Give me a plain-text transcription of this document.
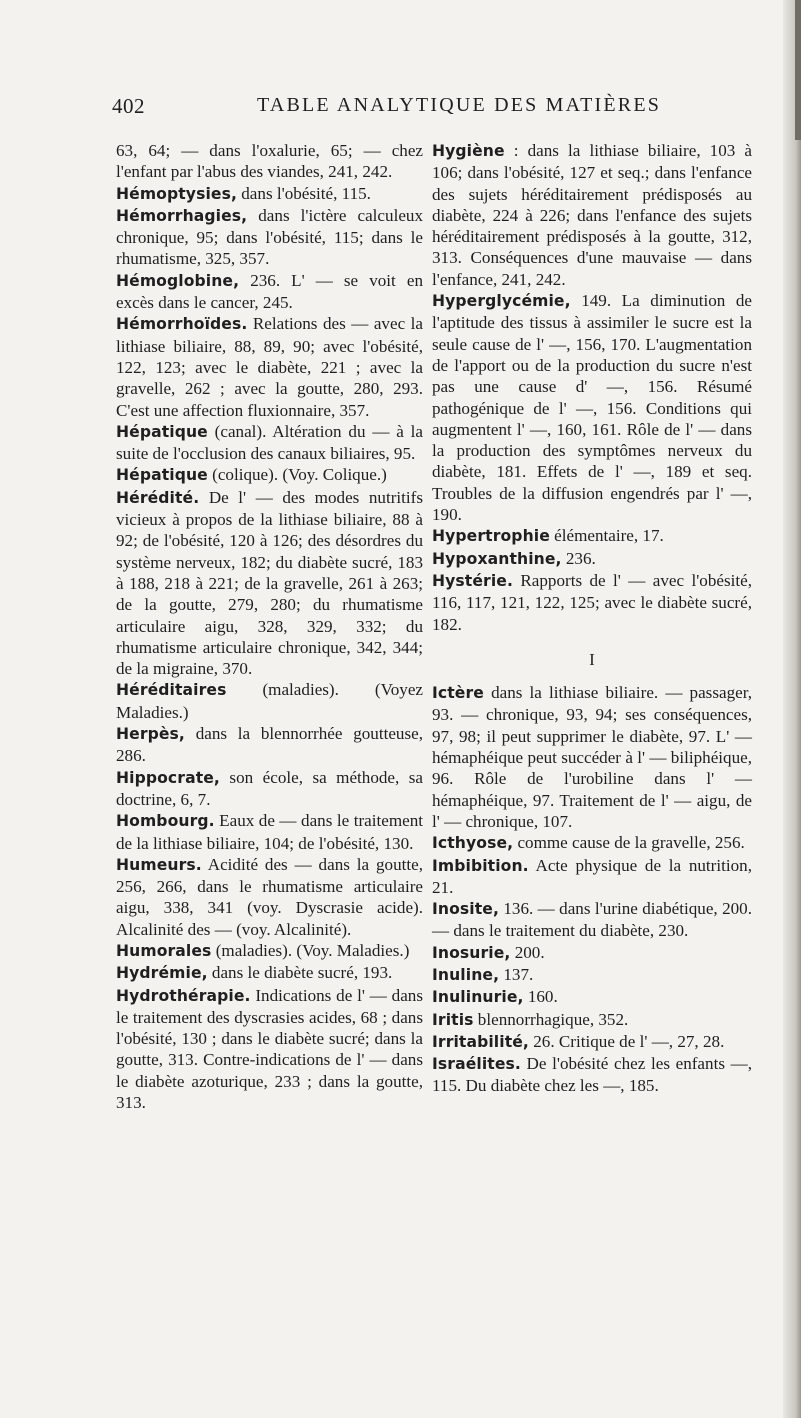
402	TABLE ANALYTIQUE DES MATIÈRES

63, 64; — dans l'oxalurie, 65; — chez l'enfant par l'abus des viandes, 241, 242.

Hémoptysies, dans l'obésité, 115.

Hémorrhagies, dans l'ictère calculeux chronique, 95; dans l'obésité, 115; dans le rhumatisme, 325, 357.

Hémoglobine, 236. L' — se voit en excès dans le cancer, 245.

Hémorrhoïdes. Relations des — avec la lithiase biliaire, 88, 89, 90; avec l'obésité, 122, 123; avec le diabète, 221 ; avec la gravelle, 262 ; avec la goutte, 280, 293. C'est une affection fluxionnaire, 357.

Hépatique (canal). Altération du — à la suite de l'occlusion des canaux biliaires, 95.

Hépatique (colique). (Voy. Colique.)

Hérédité. De l' — des modes nutritifs vicieux à propos de la lithiase biliaire, 88 à 92; de l'obésité, 120 à 126; des désordres du système nerveux, 182; du diabète sucré, 183 à 188, 218 à 221; de la gravelle, 261 à 263; de la goutte, 279, 280; du rhumatisme articulaire aigu, 328, 329, 332; du rhumatisme articulaire chronique, 342, 344; de la migraine, 370.

Héréditaires (maladies). (Voyez Maladies.)

Herpès, dans la blennorrhée goutteuse, 286.

Hippocrate, son école, sa méthode, sa doctrine, 6, 7.

Hombourg. Eaux de — dans le traitement de la lithiase biliaire, 104; de l'obésité, 130.

Humeurs. Acidité des — dans la goutte, 256, 266, dans le rhumatisme articulaire aigu, 338, 341 (voy. Dyscrasie acide). Alcalinité des — (voy. Alcalinité).

Humorales (maladies). (Voy. Maladies.)

Hydrémie, dans le diabète sucré, 193.

Hydrothérapie. Indications de l' — dans le traitement des dyscrasies acides, 68 ; dans l'obésité, 130 ; dans le diabète sucré; dans la goutte, 313. Contre-indications de l' — dans le diabète azoturique, 233 ; dans la goutte, 313.

Hygiène : dans la lithiase biliaire, 103 à 106; dans l'obésité, 127 et seq.; dans l'enfance des sujets héréditairement prédisposés au diabète, 224 à 226; dans l'enfance des sujets héréditairement prédisposés à la goutte, 312, 313. Conséquences d'une mauvaise — dans l'enfance, 241, 242.

Hyperglycémie, 149. La diminution de l'aptitude des tissus à assimiler le sucre est la seule cause de l' —, 156, 170. L'augmentation de l'apport ou de la production du sucre n'est pas une cause d' —, 156. Résumé pathogénique de l' —, 156. Conditions qui augmentent l' —, 160, 161. Rôle de l' — dans la production des symptômes nerveux du diabète, 181. Effets de l' —, 189 et seq. Troubles de la diffusion engendrés par l' —, 190.

Hypertrophie élémentaire, 17.

Hypoxanthine, 236.

Hystérie. Rapports de l' — avec l'obésité, 116, 117, 121, 122, 125; avec le diabète sucré, 182.

I

Ictère dans la lithiase biliaire. — passager, 93. — chronique, 93, 94; ses conséquences, 97, 98; il peut supprimer le diabète, 97. L' — hémaphéique peut succéder à l' — biliphéique, 96. Rôle de l'urobiline dans l' — hémaphéique, 97. Traitement de l' — aigu, de l' — chronique, 107.

Icthyose, comme cause de la gravelle, 256.

Imbibition. Acte physique de la nutrition, 21.

Inosite, 136. — dans l'urine diabétique, 200. — dans le traitement du diabète, 230.

Inosurie, 200.

Inuline, 137.

Inulinurie, 160.

Iritis blennorrhagique, 352.

Irritabilité, 26. Critique de l' —, 27, 28.

Israélites. De l'obésité chez les enfants —, 115. Du diabète chez les —, 185.
